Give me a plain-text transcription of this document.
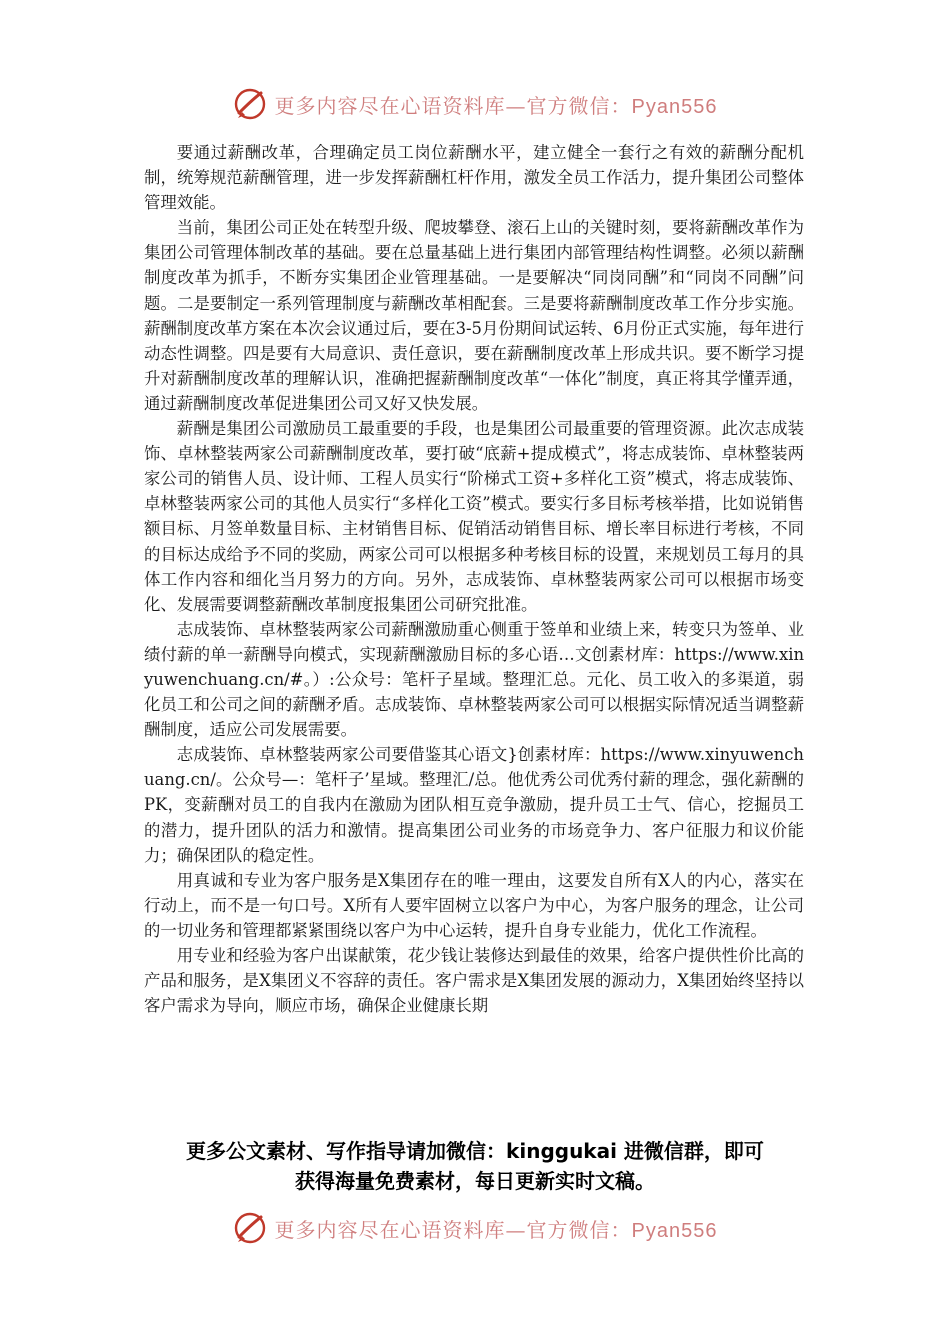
更多内容尽在心语资料库—官方微信：Pyan556

要通过薪酬改革，合理确定员工岗位薪酬水平，建立健全一套行之有效的薪酬分配机制，统筹规范薪酬管理，进一步发挥薪酬杠杆作用，激发全员工作活力，提升集团公司整体管理效能。

当前，集团公司正处在转型升级、爬坡攀登、滚石上山的关键时刻，要将薪酬改革作为集团公司管理体制改革的基础。要在总量基础上进行集团内部管理结构性调整。必须以薪酬制度改革为抓手，不断夯实集团企业管理基础。一是要解决“同岗同酬”和“同岗不同酬”问题。二是要制定一系列管理制度与薪酬改革相配套。三是要将薪酬制度改革工作分步实施。薪酬制度改革方案在本次会议通过后，要在3-5月份期间试运转、6月份正式实施，每年进行动态性调整。四是要有大局意识、责任意识，要在薪酬制度改革上形成共识。要不断学习提升对薪酬制度改革的理解认识，准确把握薪酬制度改革“一体化”制度，真正将其学懂弄通，通过薪酬制度改革促进集团公司又好又快发展。

薪酬是集团公司激励员工最重要的手段，也是集团公司最重要的管理资源。此次志成装饰、卓林整装两家公司薪酬制度改革，要打破“底薪+提成模式”，将志成装饰、卓林整装两家公司的销售人员、设计师、工程人员实行“阶梯式工资+多样化工资”模式，将志成装饰、卓林整装两家公司的其他人员实行“多样化工资”模式。要实行多目标考核举措，比如说销售额目标、月签单数量目标、主材销售目标、促销活动销售目标、增长率目标进行考核，不同的目标达成给予不同的奖励，两家公司可以根据多种考核目标的设置，来规划员工每月的具体工作内容和细化当月努力的方向。另外，志成装饰、卓林整装两家公司可以根据市场变化、发展需要调整薪酬改革制度报集团公司研究批准。

志成装饰、卓林整装两家公司薪酬激励重心侧重于签单和业绩上来，转变只为签单、业绩付薪的单一薪酬导向模式，实现薪酬激励目标的多心语…文创素材库：https://www.xinyuwenchuang.cn/#。）:公众号：笔杆子星域。整理汇总。元化、员工收入的多渠道，弱化员工和公司之间的薪酬矛盾。志成装饰、卓林整装两家公司可以根据实际情况适当调整薪酬制度，适应公司发展需要。

志成装饰、卓林整装两家公司要借鉴其心语文}创素材库：https://www.xinyuwenchuang.cn/。公众号—：笔杆子’星域。整理汇/总。他优秀公司优秀付薪的理念，强化薪酬的PK，变薪酬对员工的自我内在激励为团队相互竞争激励，提升员工士气、信心，挖掘员工的潜力，提升团队的活力和激情。提高集团公司业务的市场竞争力、客户征服力和议价能力；确保团队的稳定性。

用真诚和专业为客户服务是X集团存在的唯一理由，这要发自所有X人的内心，落实在行动上，而不是一句口号。X所有人要牢固树立以客户为中心，为客户服务的理念，让公司的一切业务和管理都紧紧围绕以客户为中心运转，提升自身专业能力，优化工作流程。

用专业和经验为客户出谋献策，花少钱让装修达到最佳的效果，给客户提供性价比高的产品和服务，是X集团义不容辞的责任。客户需求是X集团发展的源动力，X集团始终坚持以客户需求为导向，顺应市场，确保企业健康长期

更多公文素材、写作指导请加微信：kinggukai 进微信群，即可
获得海量免费素材，每日更新实时文稿。
更多内容尽在心语资料库—官方微信：Pyan556
